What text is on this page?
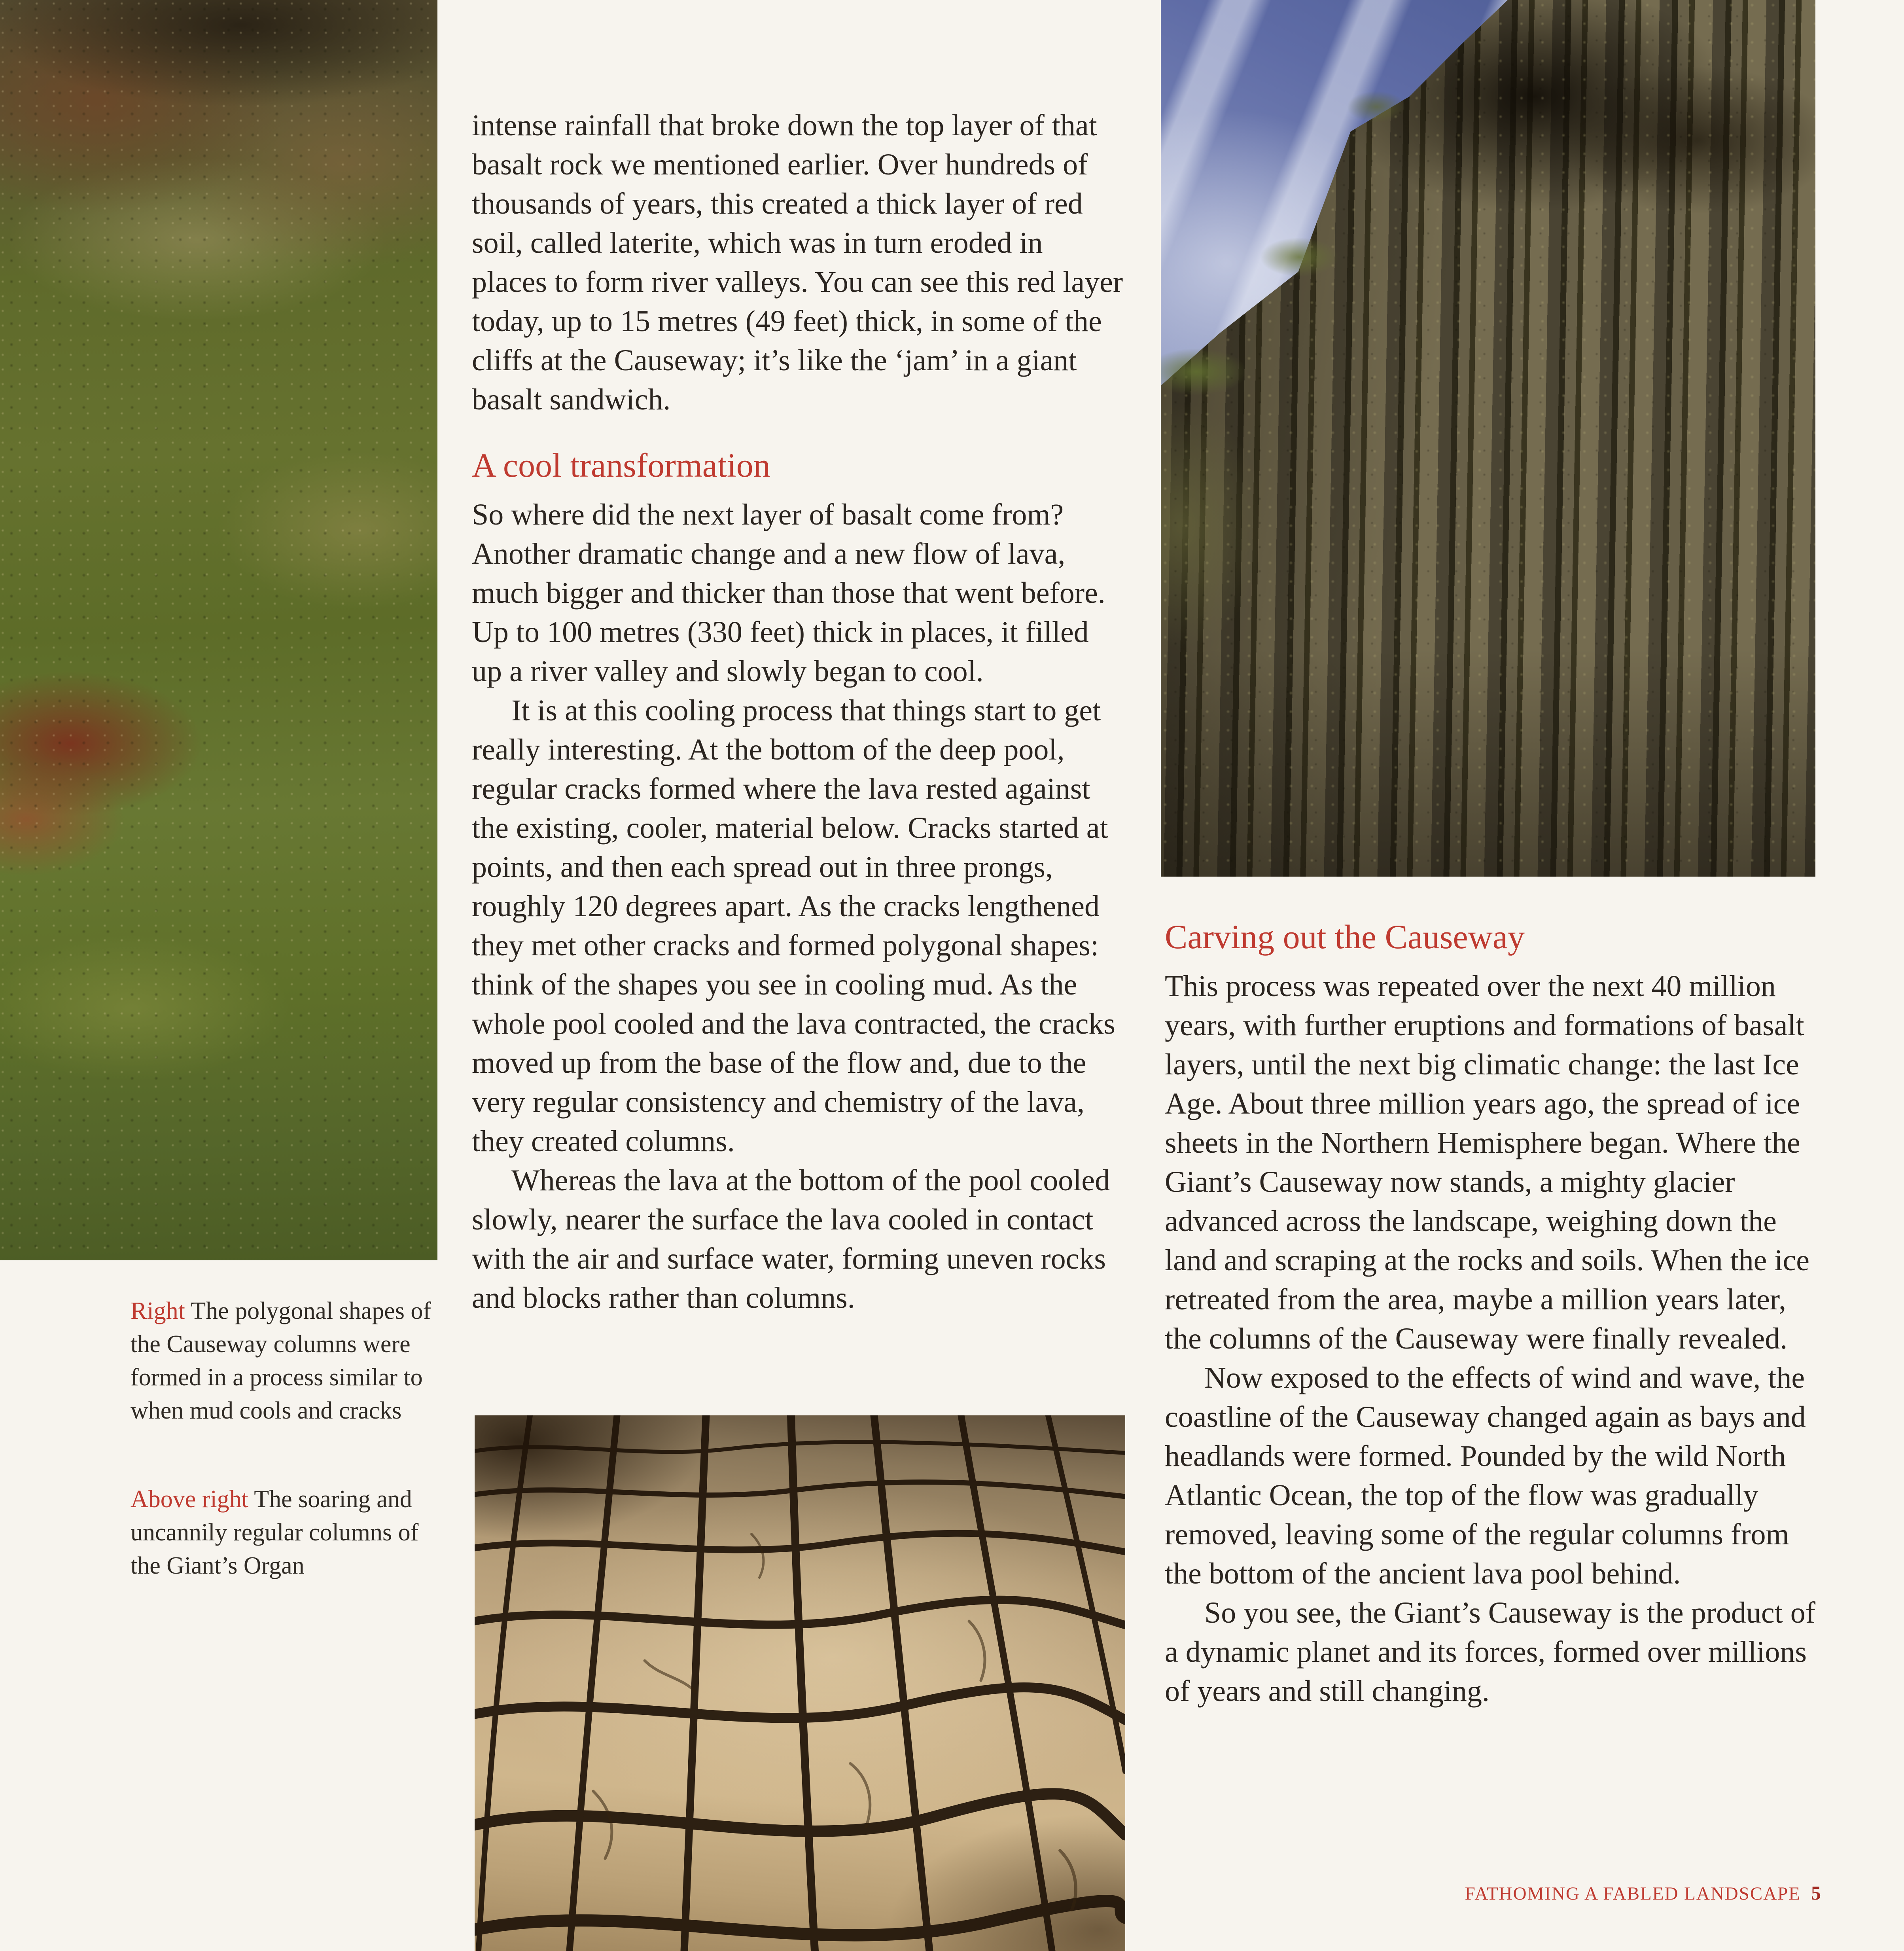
Right The polygonal shapes of the Causeway columns were formed in a process similar to when mud cools and cracks
Above right The soaring and uncannily regular columns of the Giant’s Organ

intense rainfall that broke down the top layer of that basalt rock we mentioned earlier. Over hundreds of thousands of years, this created a thick layer of red soil, called laterite, which was in turn eroded in places to form river valleys. You can see this red layer today, up to 15 metres (49 feet) thick, in some of the cliffs at the Causeway; it’s like the ‘jam’ in a giant basalt sandwich.

A cool transformation

So where did the next layer of basalt come from? Another dramatic change and a new flow of lava, much bigger and thicker than those that went before. Up to 100 metres (330 feet) thick in places, it filled up a river valley and slowly began to cool.

It is at this cooling process that things start to get really interesting. At the bottom of the deep pool, regular cracks formed where the lava rested against the existing, cooler, material below. Cracks started at points, and then each spread out in three prongs, roughly 120 degrees apart. As the cracks lengthened they met other cracks and formed polygonal shapes: think of the shapes you see in cooling mud. As the whole pool cooled and the lava contracted, the cracks moved up from the base of the flow and, due to the very regular consistency and chemistry of the lava, they created columns.

Whereas the lava at the bottom of the pool cooled slowly, nearer the surface the lava cooled in contact with the air and surface water, forming uneven rocks and blocks rather than columns.

Carving out the Causeway

This process was repeated over the next 40 million years, with further eruptions and formations of basalt layers, until the next big climatic change: the last Ice Age. About three million years ago, the spread of ice sheets in the Northern Hemisphere began. Where the Giant’s Causeway now stands, a mighty glacier advanced across the landscape, weighing down the land and scraping at the rocks and soils. When the ice retreated from the area, maybe a million years later, the columns of the Causeway were finally revealed.

Now exposed to the effects of wind and wave, the coastline of the Causeway changed again as bays and headlands were formed. Pounded by the wild North Atlantic Ocean, the top of the flow was gradually removed, leaving some of the regular columns from the bottom of the ancient lava pool behind.

So you see, the Giant’s Causeway is the product of a dynamic planet and its forces, formed over millions of years and still changing.

FATHOMING A FABLED LANDSCAPE 5
